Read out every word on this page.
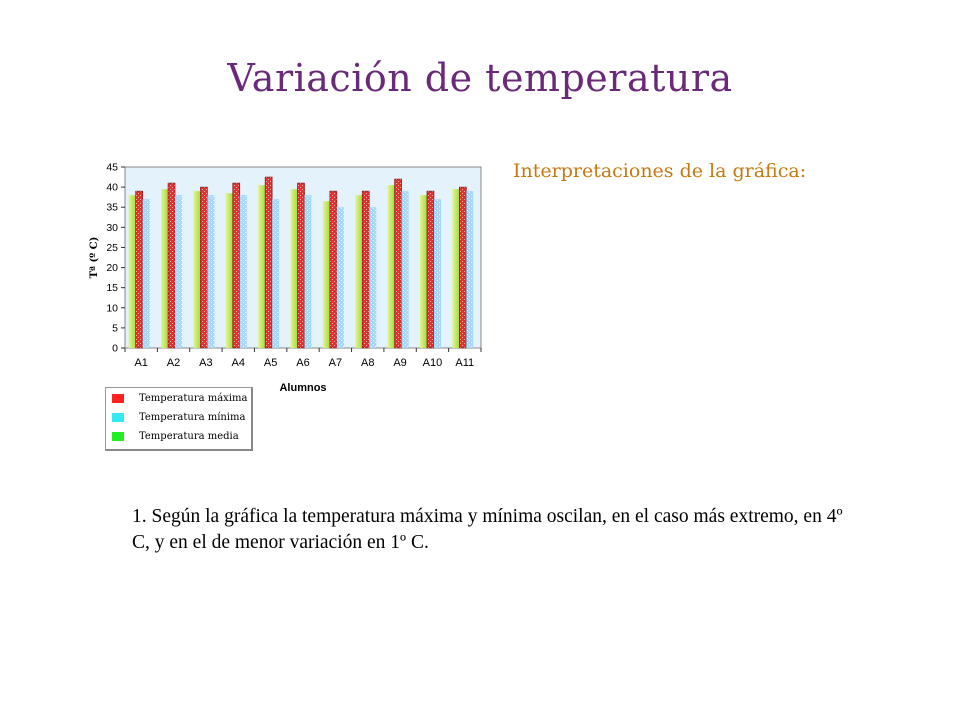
Variación de temperatura
Interpretaciones de la gráfica:
0
5
10
15
20
25
30
35
40
45
Tª (º C)
A1 A2 A3 A4 A5 A6 A7 A8 A9 A10 A11
Alumnos
Temperatura máxima
Temperatura mínima
Temperatura media
1. Según la gráfica la temperatura máxima y mínima oscilan, en el caso más extremo, en 4º C, y en el de menor variación en 1º C.
